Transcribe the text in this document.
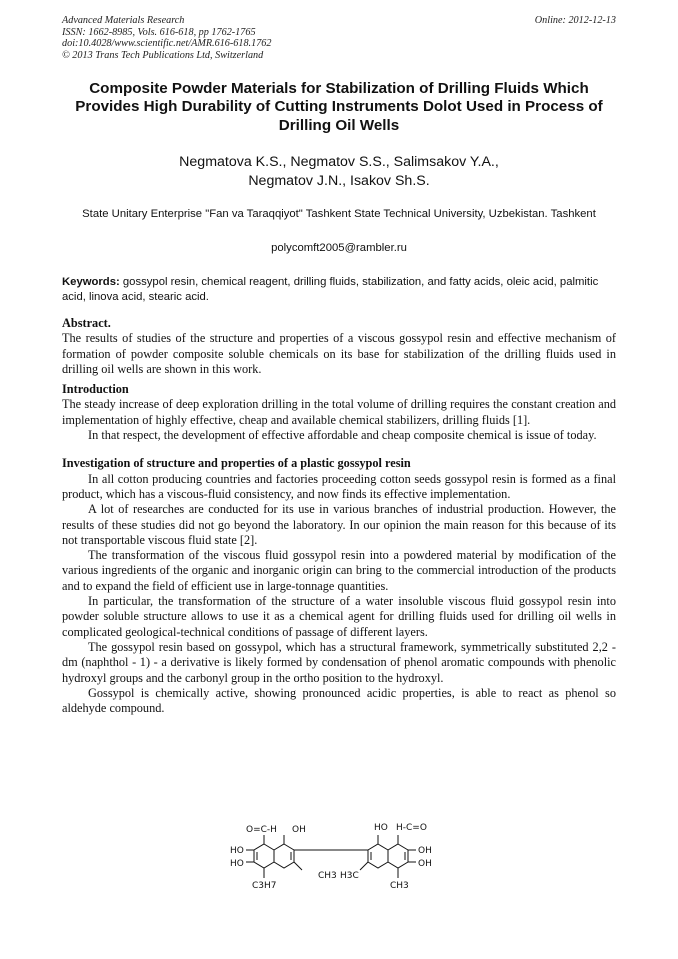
Advanced Materials Research
ISSN: 1662-8985, Vols. 616-618, pp 1762-1765
doi:10.4028/www.scientific.net/AMR.616-618.1762
© 2013 Trans Tech Publications Ltd, Switzerland
Online: 2012-12-13
Composite Powder Materials for Stabilization of Drilling Fluids Which Provides High Durability of Cutting Instruments Dolot Used in Process of Drilling Oil Wells
Negmatova K.S., Negmatov S.S., Salimsakov Y.A.,
Negmatov J.N., Isakov Sh.S.
State Unitary Enterprise "Fan va Taraqqiyot" Tashkent State Technical University, Uzbekistan. Tashkent
polycomft2005@rambler.ru
Keywords: gossypol resin, chemical reagent, drilling fluids, stabilization, and fatty acids, oleic acid, palmitic acid, linova acid, stearic acid.
Abstract.

The results of studies of the structure and properties of a viscous gossypol resin and effective mechanism of formation of powder composite soluble chemicals on its base for stabilization of the drilling fluids used in drilling oil wells are shown in this work.

Introduction

The steady increase of deep exploration drilling in the total volume of drilling requires the constant creation and implementation of highly effective, cheap and available chemical stabilizers, drilling fluids [1].

In that respect, the development of effective affordable and cheap composite chemical is issue of today.

Investigation of structure and properties of a plastic gossypol resin

In all cotton producing countries and factories proceeding cotton seeds gossypol resin is formed as a final product, which has a viscous-fluid consistency, and now finds its effective implementation.

A lot of researches are conducted for its use in various branches of industrial production. However, the results of these studies did not go beyond the laboratory. In our opinion the main reason for this because of its not transportable viscous fluid state [2].

The transformation of the viscous fluid gossypol resin into a powdered material by modification of the various ingredients of the organic and inorganic origin can bring to the commercial introduction of the products and to expand the field of efficient use in large-tonnage quantities.

In particular, the transformation of the structure of a water insoluble viscous fluid gossypol resin into powder soluble structure allows to use it as a chemical agent for drilling fluids used for drilling oil wells in complicated geological-technical conditions of passage of different layers.

The gossypol resin based on gossypol, which has a structural framework, symmetrically substituted 2,2 - dm (naphthol - 1) - a derivative is likely formed by condensation of phenol aromatic compounds with phenolic hydroxyl groups and the carbonyl group in the ortho position to the hydroxyl.

Gossypol is chemically active, showing pronounced acidic properties, is able to react as phenol so aldehyde compound.

O=C-H OH
HO
HO
C3H7
CH3 H3C
HO H-C=O
OH
OH
CH3
